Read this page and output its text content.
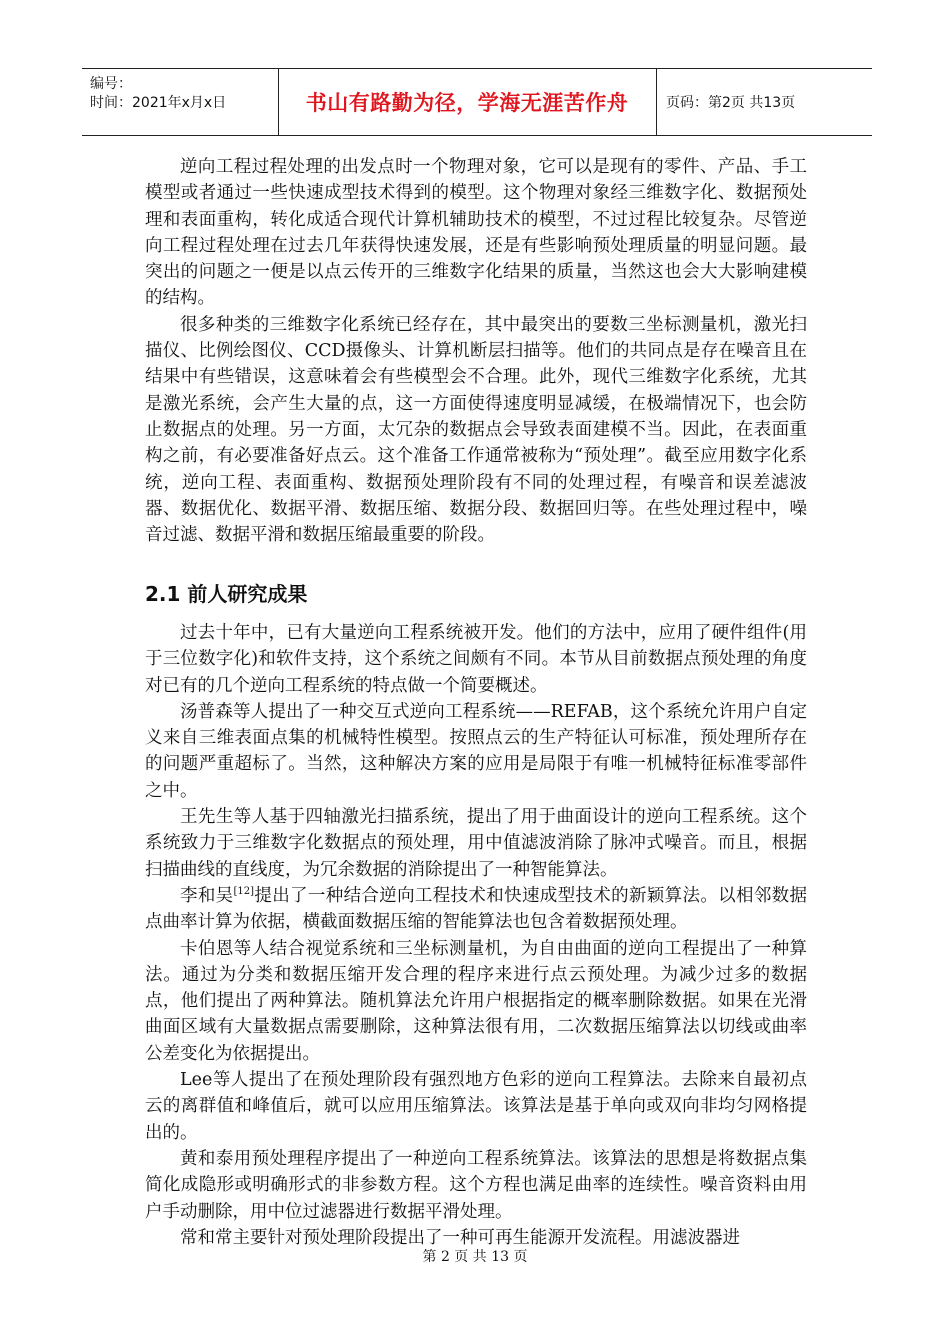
编号：
时间：2021年x月x日	书山有路勤为径，学海无涯苦作舟	页码：第2页 共13页

逆向工程过程处理的出发点时一个物理对象，它可以是现有的零件、产品、手工模型或者通过一些快速成型技术得到的模型。这个物理对象经三维数字化、数据预处理和表面重构，转化成适合现代计算机辅助技术的模型，不过过程比较复杂。尽管逆向工程过程处理在过去几年获得快速发展，还是有些影响预处理质量的明显问题。最突出的问题之一便是以点云传开的三维数字化结果的质量，当然这也会大大影响建模的结构。

很多种类的三维数字化系统已经存在，其中最突出的要数三坐标测量机，激光扫描仪、比例绘图仪、CCD摄像头、计算机断层扫描等。他们的共同点是存在噪音且在结果中有些错误，这意味着会有些模型会不合理。此外，现代三维数字化系统，尤其是激光系统，会产生大量的点，这一方面使得速度明显减缓，在极端情况下，也会防止数据点的处理。另一方面，太冗杂的数据点会导致表面建模不当。因此，在表面重构之前，有必要准备好点云。这个准备工作通常被称为“预处理”。截至应用数字化系统，逆向工程、表面重构、数据预处理阶段有不同的处理过程，有噪音和误差滤波器、数据优化、数据平滑、数据压缩、数据分段、数据回归等。在些处理过程中，噪音过滤、数据平滑和数据压缩最重要的阶段。

2.1 前人研究成果

过去十年中，已有大量逆向工程系统被开发。他们的方法中，应用了硬件组件(用于三位数字化)和软件支持，这个系统之间颇有不同。本节从目前数据点预处理的角度对已有的几个逆向工程系统的特点做一个简要概述。

汤普森等人提出了一种交互式逆向工程系统——REFAB，这个系统允许用户自定义来自三维表面点集的机械特性模型。按照点云的生产特征认可标准，预处理所存在的问题严重超标了。当然，这种解决方案的应用是局限于有唯一机械特征标准零部件之中。

王先生等人基于四轴激光扫描系统，提出了用于曲面设计的逆向工程系统。这个系统致力于三维数字化数据点的预处理，用中值滤波消除了脉冲式噪音。而且，根据扫描曲线的直线度，为冗余数据的消除提出了一种智能算法。

李和吴[12]提出了一种结合逆向工程技术和快速成型技术的新颖算法。以相邻数据点曲率计算为依据，横截面数据压缩的智能算法也包含着数据预处理。

卡伯恩等人结合视觉系统和三坐标测量机，为自由曲面的逆向工程提出了一种算法。通过为分类和数据压缩开发合理的程序来进行点云预处理。为减少过多的数据点，他们提出了两种算法。随机算法允许用户根据指定的概率删除数据。如果在光滑曲面区域有大量数据点需要删除，这种算法很有用，二次数据压缩算法以切线或曲率公差变化为依据提出。

Lee等人提出了在预处理阶段有强烈地方色彩的逆向工程算法。去除来自最初点云的离群值和峰值后，就可以应用压缩算法。该算法是基于单向或双向非均匀网格提出的。

黄和泰用预处理程序提出了一种逆向工程系统算法。该算法的思想是将数据点集简化成隐形或明确形式的非参数方程。这个方程也满足曲率的连续性。噪音资料由用户手动删除，用中位过滤器进行数据平滑处理。

常和常主要针对预处理阶段提出了一种可再生能源开发流程。用滤波器进

第 2 页 共 13 页
